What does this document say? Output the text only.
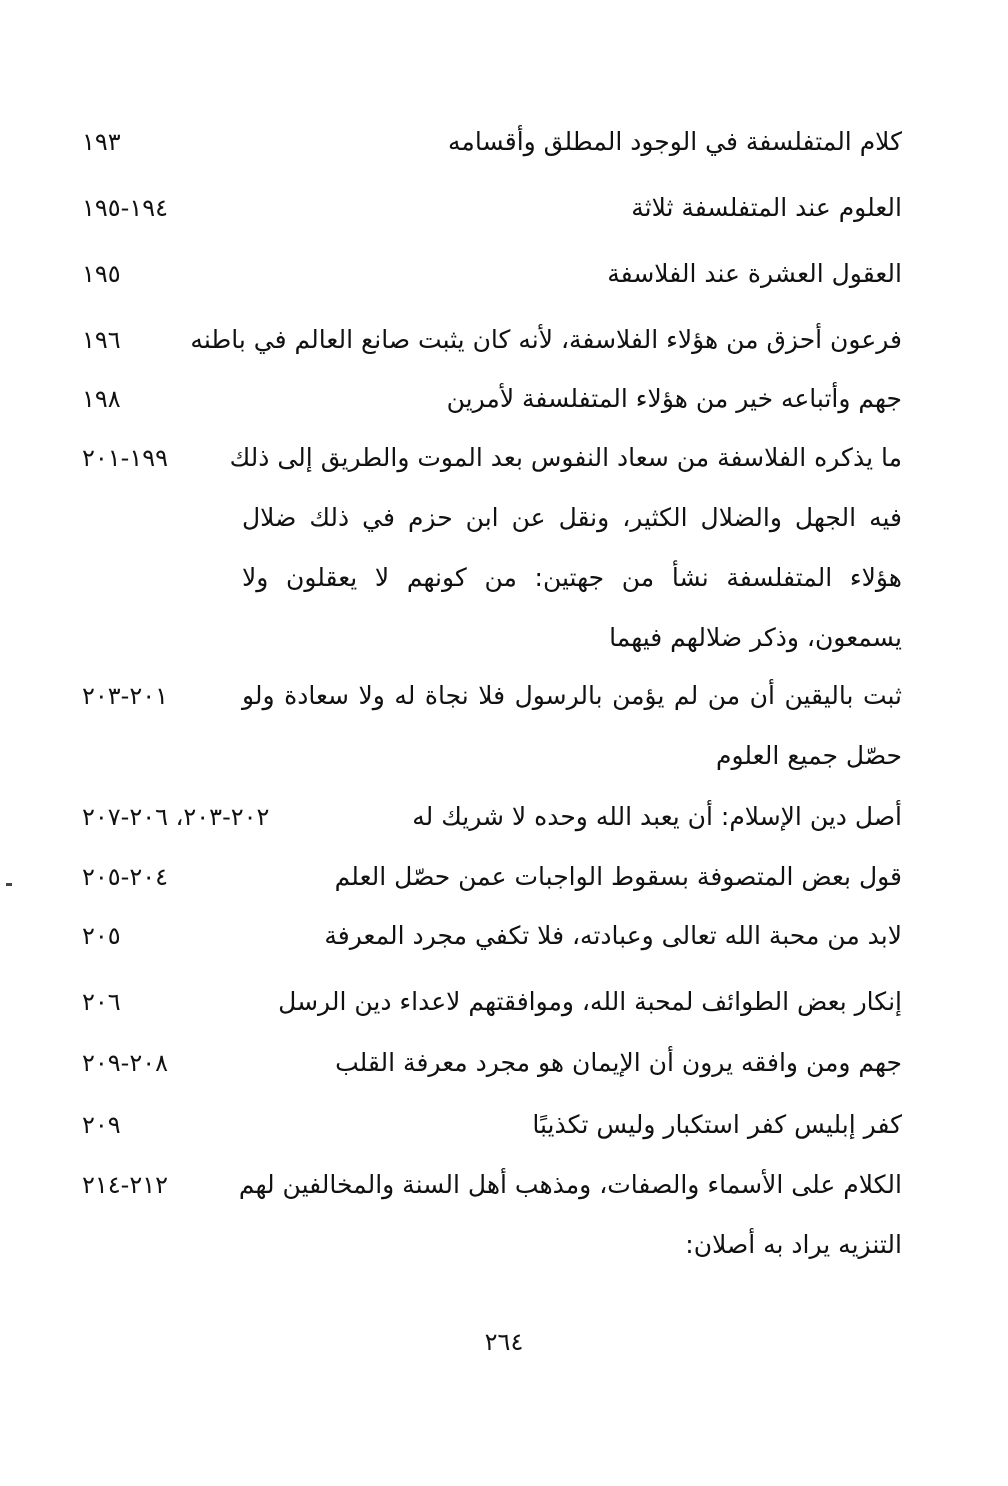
كلام المتفلسفة في الوجود المطلق وأقسامه
١٩٣
العلوم عند المتفلسفة ثلاثة
١٩٤-١٩٥
العقول العشرة عند الفلاسفة
١٩٥
فرعون أحزق من هؤلاء الفلاسفة، لأنه كان يثبت صانع العالم في باطنه
١٩٦
جهم وأتباعه خير من هؤلاء المتفلسفة لأمرين
١٩٨
ما يذكره الفلاسفة من سعاد النفوس بعد الموت والطريق إلى ذلك
١٩٩-٢٠١
فيه الجهل والضلال الكثير، ونقل عن ابن حزم في ذلك ضلال
هؤلاء المتفلسفة نشأ من جهتين: من كونهم لا يعقلون ولا
يسمعون، وذكر ضلالهم فيهما
ثبت باليقين أن من لم يؤمن بالرسول فلا نجاة له ولا سعادة ولو
٢٠١-٢٠٣
حصّل جميع العلوم
أصل دين الإسلام: أن يعبد الله وحده لا شريك له
٢٠٢-٢٠٣، ٢٠٦-٢٠٧
قول بعض المتصوفة بسقوط الواجبات عمن حصّل العلم
٢٠٤-٢٠٥
لابد من محبة الله تعالى وعبادته، فلا تكفي مجرد المعرفة
٢٠٥
إنكار بعض الطوائف لمحبة الله، وموافقتهم لاعداء دين الرسل
٢٠٦
جهم ومن وافقه يرون أن الإيمان هو مجرد معرفة القلب
٢٠٨-٢٠٩
كفر إبليس كفر استكبار وليس تكذيبًا
٢٠٩
الكلام على الأسماء والصفات، ومذهب أهل السنة والمخالفين لهم
٢١٢-٢١٤
التنزيه يراد به أصلان:
٢٦٤
